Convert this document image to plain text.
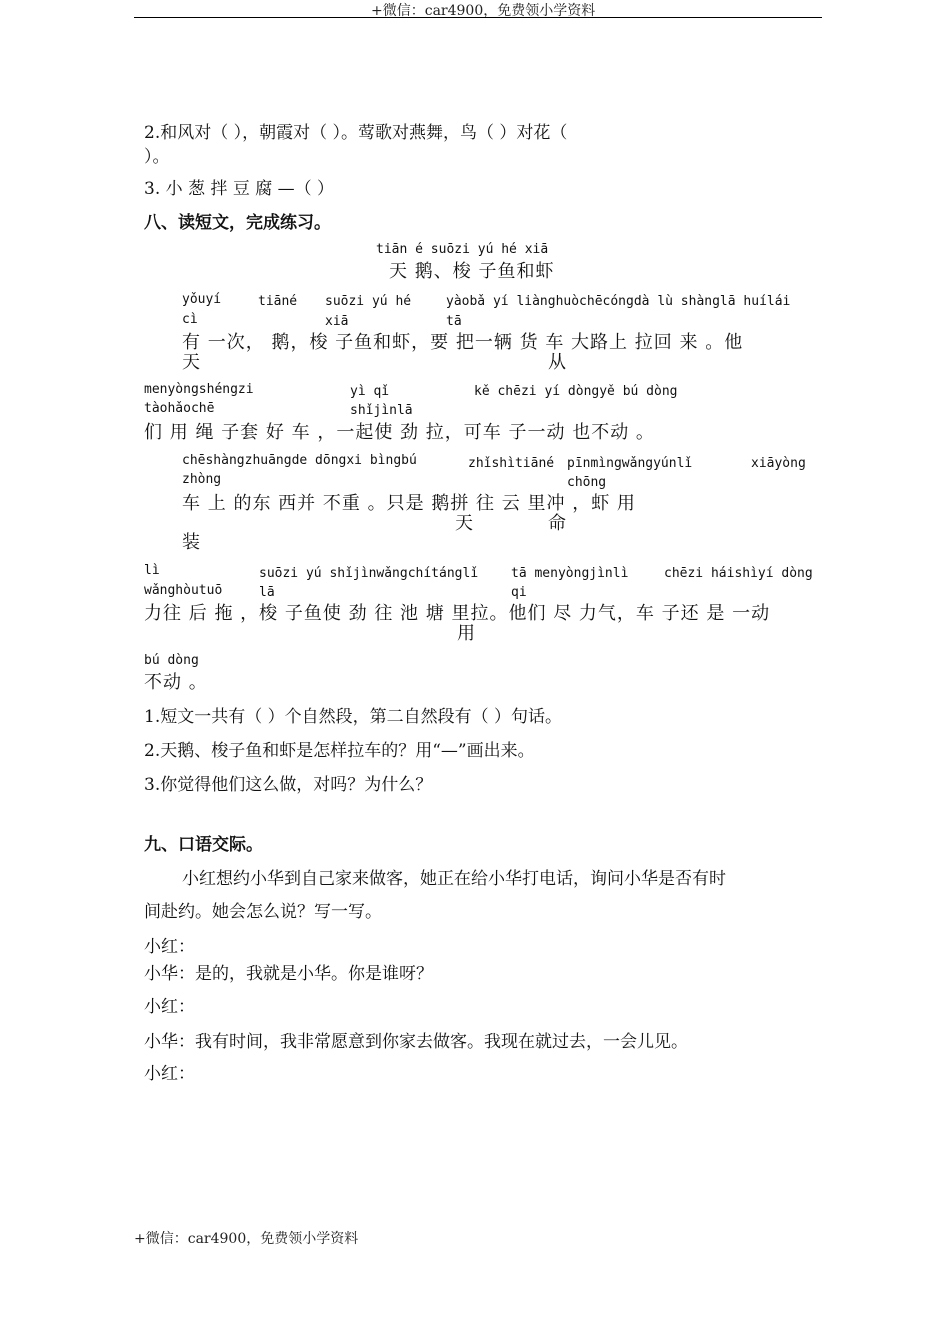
+微信：car4900，免费领小学资料
2.和风对（ ），朝霞对（ ）。莺歌对燕舞，鸟（ ）对花（
）。
3. 小 葱 拌 豆 腐 —（ ）
八、读短文，完成练习。
tiān é suōzi yú hé xiā
天 鹅、梭 子鱼和虾
yǒuyí	tiāné suōzi yú hé	yàobǎ yí liànghuòchēcóngdà lù shànglā huílái
cì	xiā	tā
有 一次， 鹅，梭 子鱼和虾，要 把一辆 货 车 大路上 拉回 来 。他
天	从
menyòngshéngzi	yì qǐ	kě chēzi yí dòngyě bú dòng
tàohǎochē	shǐjìnlā
们 用 绳 子套 好 车 ，一起使 劲 拉，可车 子一动 也不动 。
chēshàngzhuāngde dōngxi bìngbú	zhǐshìtiāné pīnmìngwǎngyúnlǐ	xiāyòng
zhòng	chōng
车 上 的东 西并 不重 。只是 鹅拼 往 云 里冲 ，虾 用
天	命
装
lì	suōzi yú shǐjìnwǎngchítánglǐ	tā menyòngjìnlì	chēzi háishìyí dòng
wǎnghòutuō	lā	qi
力往 后 拖 ，梭 子鱼使 劲 往 池 塘 里拉。他们 尽 力气，车 子还 是 一动
用
bú dòng
不动 。
1.短文一共有（ ）个自然段，第二自然段有（ ）句话。
2.天鹅、梭子鱼和虾是怎样拉车的？用“—”画出来。
3.你觉得他们这么做，对吗？为什么？
九、口语交际。
小红想约小华到自己家来做客，她正在给小华打电话，询问小华是否有时
间赴约。她会怎么说？写一写。
小红：
小华：是的，我就是小华。你是谁呀？
小红：
小华：我有时间，我非常愿意到你家去做客。我现在就过去，一会儿见。
小红：
+微信：car4900，免费领小学资料
